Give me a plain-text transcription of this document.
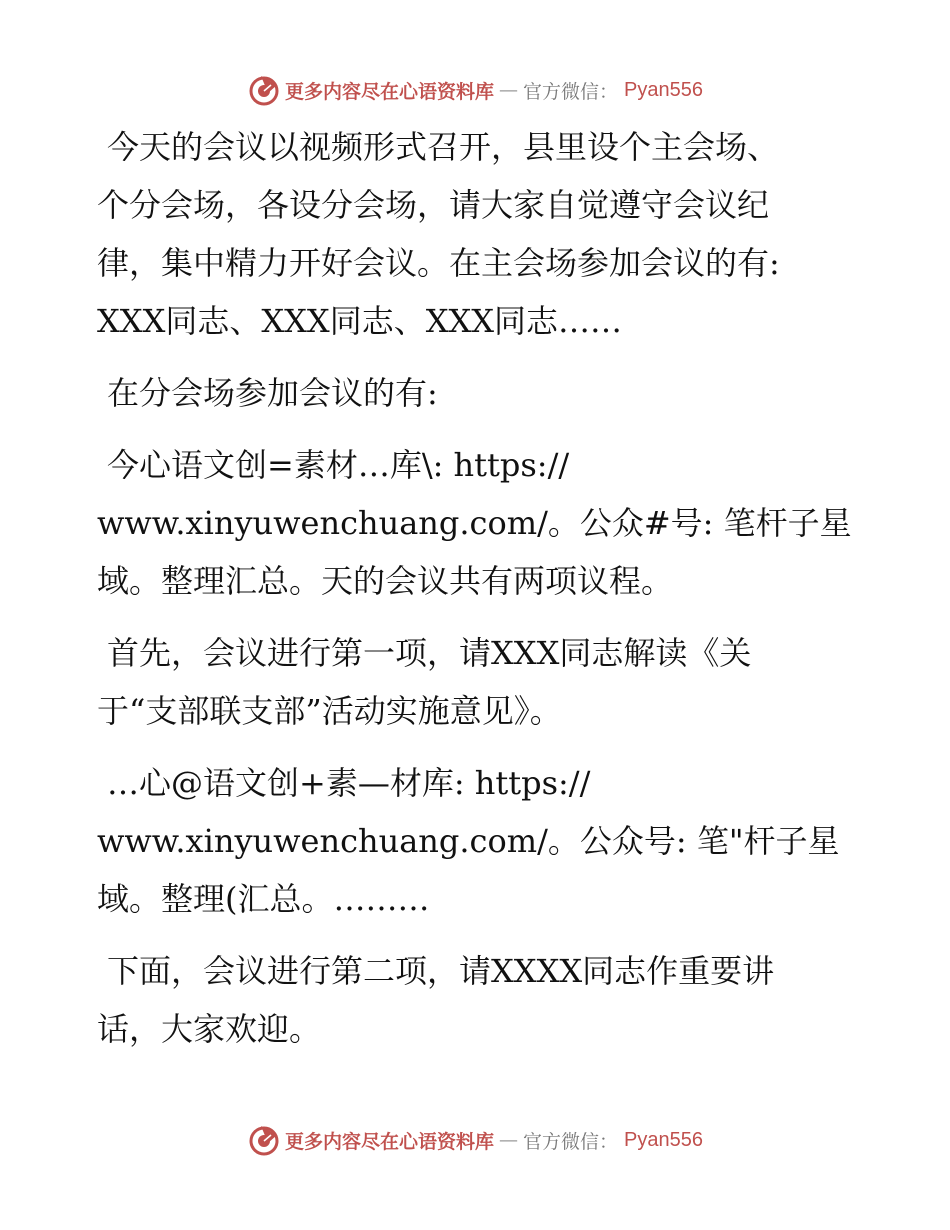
更多内容尽在心语资料库 — 官方微信： Pyan556
今天的会议以视频形式召开，县里设个主会场、
个分会场，各设分会场，请大家自觉遵守会议纪
律，集中精力开好会议。在主会场参加会议的有:
XXX同志、XXX同志、XXX同志……
在分会场参加会议的有:
今心语文创=素材…库\: https://
www.xinyuwenchuang.com/。公众#号: 笔杆子星
域。整理汇总。天的会议共有两项议程。
首先，会议进行第一项，请XXX同志解读《关
于“支部联支部”活动实施意见》。
…心@语文创+素—材库: https://
www.xinyuwenchuang.com/。公众号: 笔"杆子星
域。整理(汇总。………
下面，会议进行第二项，请XXXX同志作重要讲
话，大家欢迎。
更多内容尽在心语资料库 — 官方微信： Pyan556
